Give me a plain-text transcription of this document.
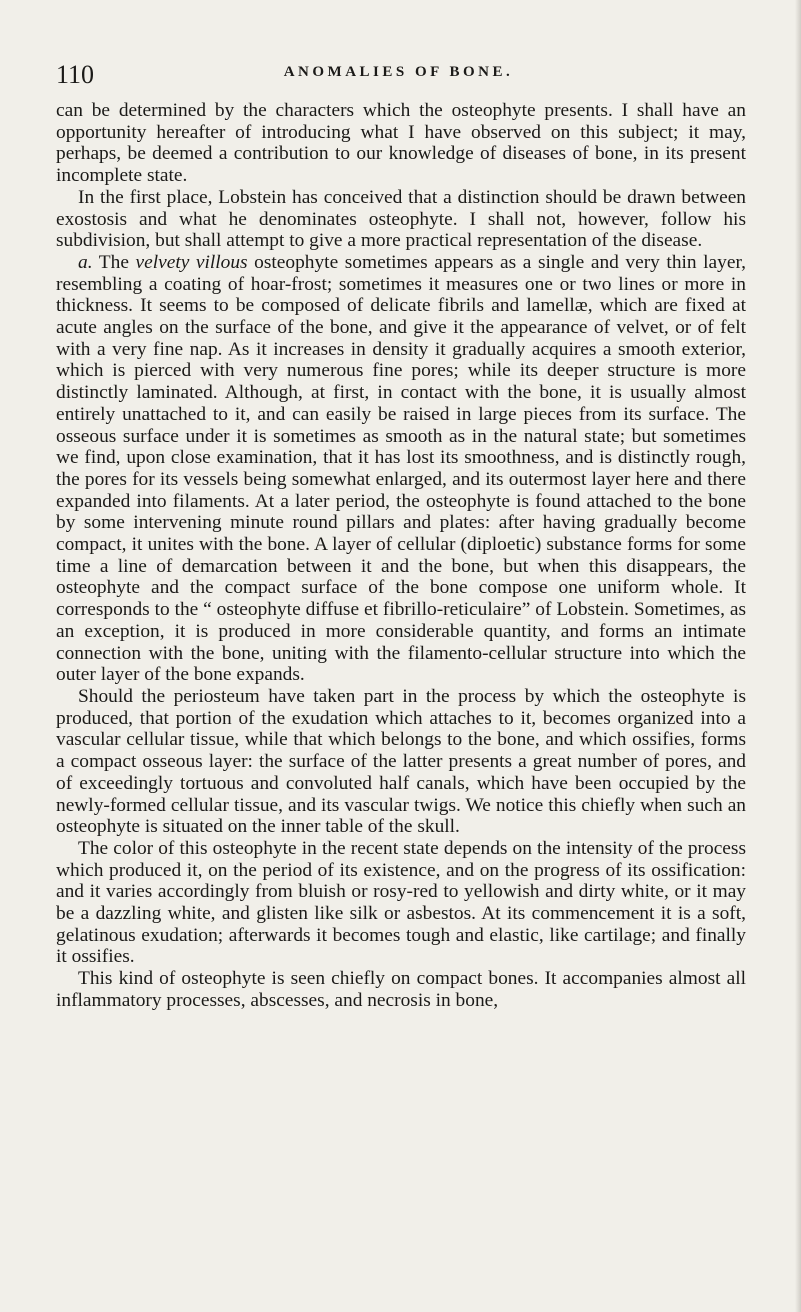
110	ANOMALIES OF BONE.

can be determined by the characters which the osteophyte presents. I shall have an opportunity hereafter of introducing what I have observed on this subject; it may, perhaps, be deemed a contribution to our knowledge of diseases of bone, in its present incomplete state.

In the first place, Lobstein has conceived that a distinction should be drawn between exostosis and what he denominates osteophyte. I shall not, however, follow his subdivision, but shall attempt to give a more practical representation of the disease.

a. The velvety villous osteophyte sometimes appears as a single and very thin layer, resembling a coating of hoar-frost; sometimes it measures one or two lines or more in thickness. It seems to be composed of delicate fibrils and lamellæ, which are fixed at acute angles on the surface of the bone, and give it the appearance of velvet, or of felt with a very fine nap. As it increases in density it gradually acquires a smooth exterior, which is pierced with very numerous fine pores; while its deeper structure is more distinctly laminated. Although, at first, in contact with the bone, it is usually almost entirely unattached to it, and can easily be raised in large pieces from its surface. The osseous surface under it is sometimes as smooth as in the natural state; but sometimes we find, upon close examination, that it has lost its smoothness, and is distinctly rough, the pores for its vessels being somewhat enlarged, and its outermost layer here and there expanded into filaments. At a later period, the osteophyte is found attached to the bone by some intervening minute round pillars and plates: after having gradually become compact, it unites with the bone. A layer of cellular (diploetic) substance forms for some time a line of demarcation between it and the bone, but when this disappears, the osteophyte and the compact surface of the bone compose one uniform whole. It corresponds to the “ osteophyte diffuse et fibrillo-reticulaire” of Lobstein. Sometimes, as an exception, it is produced in more considerable quantity, and forms an intimate connection with the bone, uniting with the filamento-cellular structure into which the outer layer of the bone expands.

Should the periosteum have taken part in the process by which the osteophyte is produced, that portion of the exudation which attaches to it, becomes organized into a vascular cellular tissue, while that which belongs to the bone, and which ossifies, forms a compact osseous layer: the surface of the latter presents a great number of pores, and of exceedingly tortuous and convoluted half canals, which have been occupied by the newly-formed cellular tissue, and its vascular twigs. We notice this chiefly when such an osteophyte is situated on the inner table of the skull.

The color of this osteophyte in the recent state depends on the intensity of the process which produced it, on the period of its existence, and on the progress of its ossification: and it varies accordingly from bluish or rosy-red to yellowish and dirty white, or it may be a dazzling white, and glisten like silk or asbestos. At its commencement it is a soft, gelatinous exudation; afterwards it becomes tough and elastic, like cartilage; and finally it ossifies.

This kind of osteophyte is seen chiefly on compact bones. It accompanies almost all inflammatory processes, abscesses, and necrosis in bone,
